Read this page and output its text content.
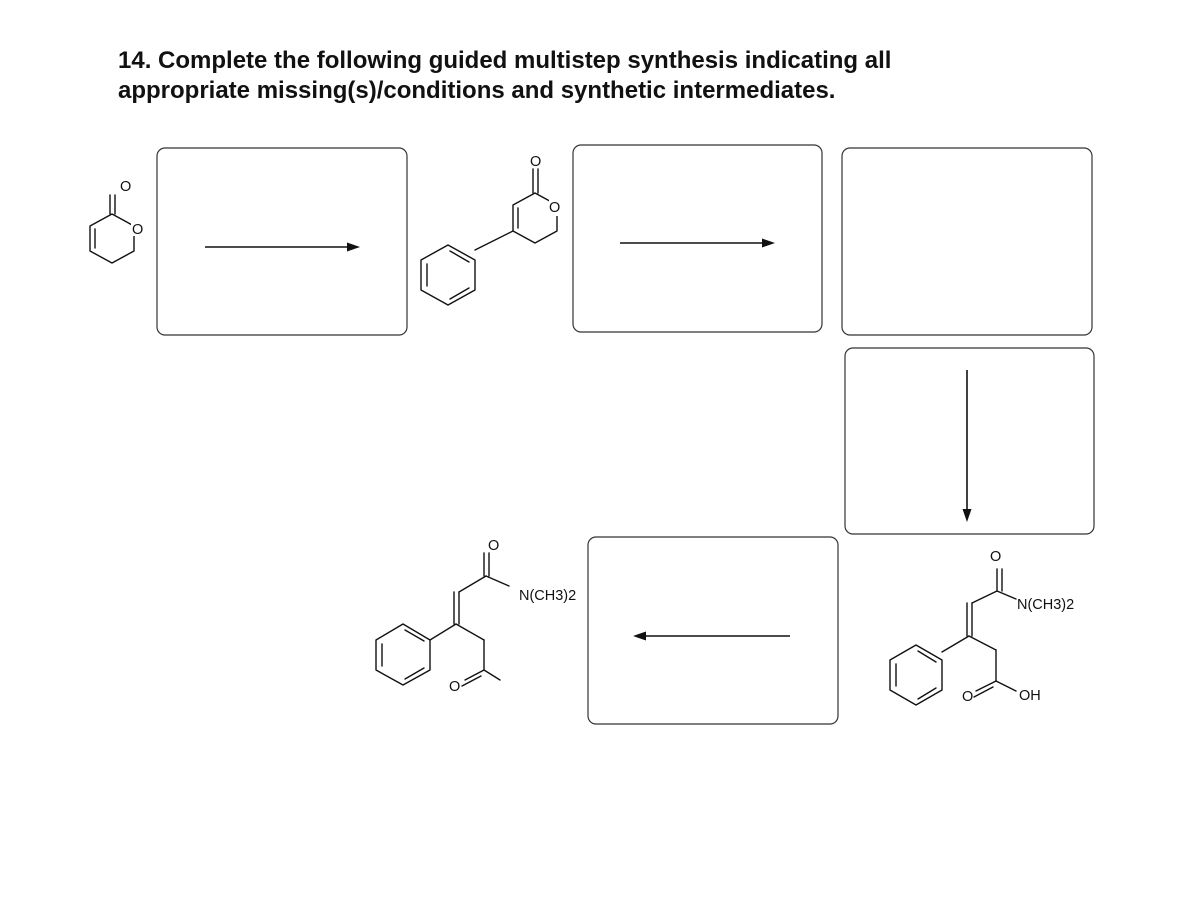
14. Complete the following guided multistep synthesis indicating all
appropriate missing(s)/conditions and synthetic intermediates.
O
O
O
O
O
N(CH3)2
O	OH
O
N(CH3)2
O
